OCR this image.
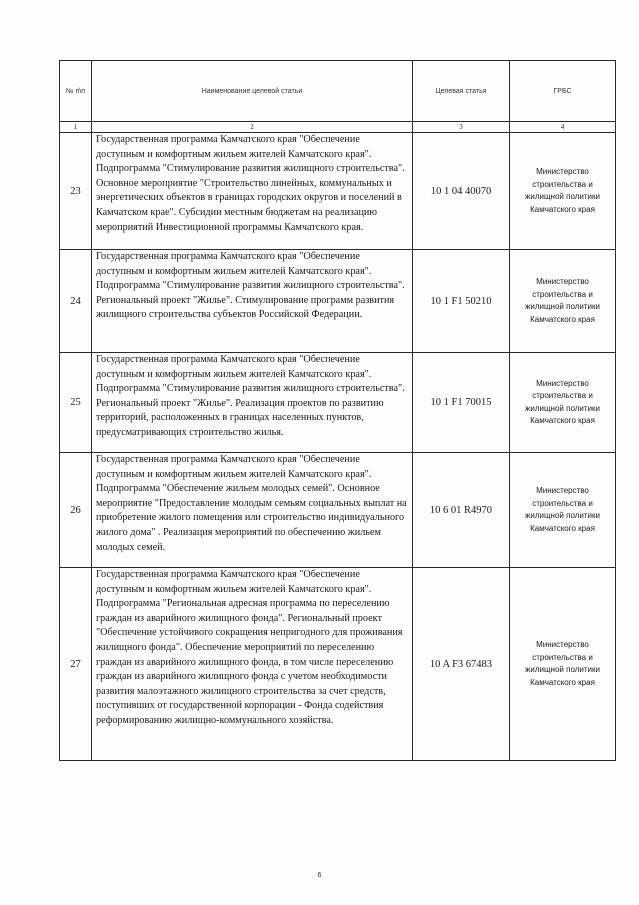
№ п\п	Наименование целевой статьи	Целевая статья	ГРБС
1	2	3	4
23	Государственная программа Камчатского края "Обеспечение доступным и комфортным жильем жителей Камчатского края". Подпрограмма "Стимулирование развития жилищного строительства". Основное мероприятие "Строительство линейных, коммунальных и энергетических объектов в границах городских округов и поселений в Камчатском крае". Субсидии местным бюджетам на реализацию мероприятий Инвестиционной программы Камчатского края.	10 1 04 40070	Министерство строительства и жилищной политики Камчатского края
24	Государственная программа Камчатского края "Обеспечение доступным и комфортным жильем жителей Камчатского края". Подпрограмма "Стимулирование развития жилищного строительства". Региональный проект "Жилье". Стимулирование программ развития жилищного строительства субъектов Российской Федерации.	10 1 F1 50210	Министерство строительства и жилищной политики Камчатского края
25	Государственная программа Камчатского края "Обеспечение доступным и комфортным жильем жителей Камчатского края". Подпрограмма "Стимулирование развития жилищного строительства". Региональный проект "Жилье". Реализация проектов по развитию территорий, расположенных в границах населенных пунктов, предусматривающих строительство жилья.	10 1 F1 70015	Министерство строительства и жилищной политики Камчатского края
26	Государственная программа Камчатского края "Обеспечение доступным и комфортным жильем жителей Камчатского края". Подпрограмма "Обеспечение жильем молодых семей". Основное мероприятие "Предоставление молодым семьям социальных выплат на приобретение жилого помещения или строительство индивидуального жилого дома" . Реализация мероприятий по обеспечению жильем молодых семей.	10 6 01 R4970	Министерство строительства и жилищной политики Камчатского края
27	Государственная программа Камчатского края "Обеспечение доступным и комфортным жильем жителей Камчатского края". Подпрограмма "Региональная адресная программа по переселению граждан из аварийного жилищного фонда". Региональный проект "Обеспечение устойчивого сокращения непригодного для проживания жилищного фонда". Обеспечение мероприятий по переселению граждан из аварийного жилищного фонда, в том числе переселению граждан из аварийного жилищного фонда с учетом необходимости развития малоэтажного жилищного строительства за счет средств, поступивших от государственной корпорации - Фонда содействия реформированию жилищно-коммунального хозяйства.	10 A F3 67483	Министерство строительства и жилищной политики Камчатского края
6
